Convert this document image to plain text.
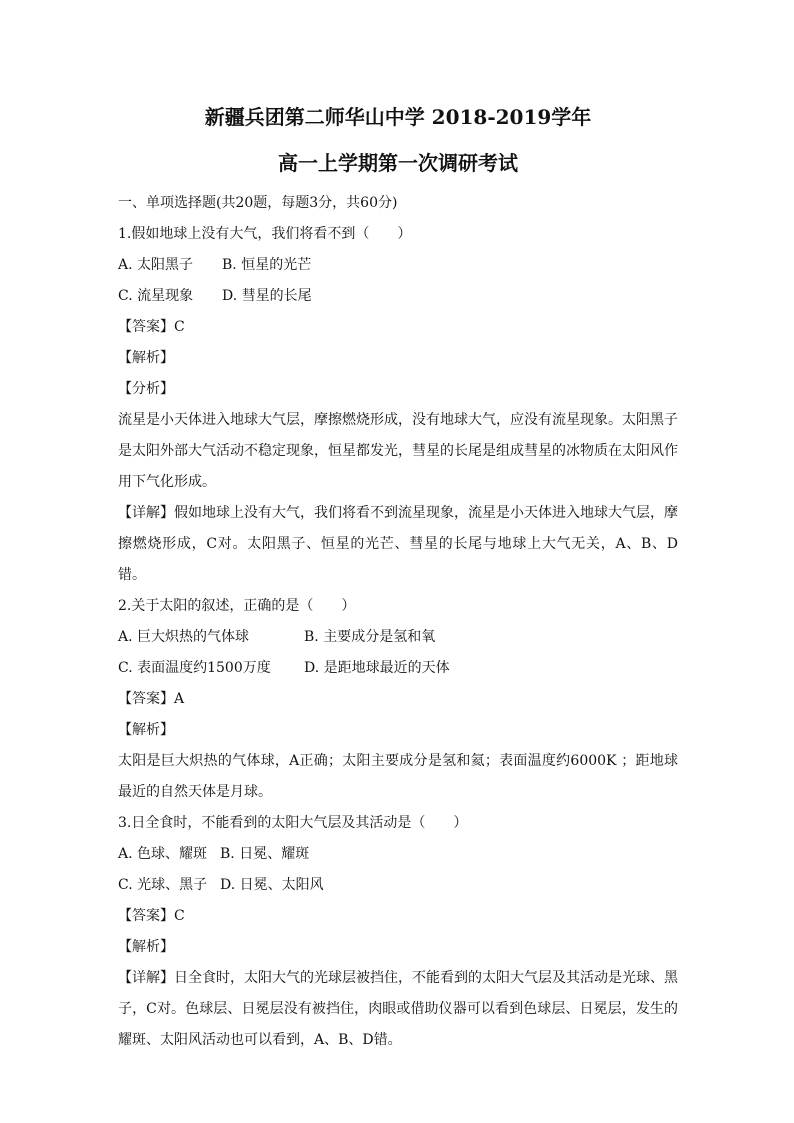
新疆兵团第二师华山中学 2018-2019学年
高一上学期第一次调研考试

一、单项选择题(共20题，每题3分，共60分)

1.假如地球上没有大气，我们将看不到（　　）

A. 太阳黑子	B. 恒星的光芒
C. 流星现象	D. 彗星的长尾

【答案】C

【解析】

【分析】

流星是小天体进入地球大气层，摩擦燃烧形成，没有地球大气，应没有流星现象。太阳黑子是太阳外部大气活动不稳定现象，恒星都发光，彗星的长尾是组成彗星的冰物质在太阳风作用下气化形成。

【详解】假如地球上没有大气，我们将看不到流星现象，流星是小天体进入地球大气层，摩擦燃烧形成，C对。太阳黑子、恒星的光芒、彗星的长尾与地球上大气无关，A、B、D错。

2.关于太阳的叙述，正确的是（　　）

A. 巨大炽热的气体球	B. 主要成分是氢和氧
C. 表面温度约1500万度	D. 是距地球最近的天体

【答案】A

【解析】

太阳是巨大炽热的气体球，A正确；太阳主要成分是氢和氦；表面温度约6000K ；距地球最近的自然天体是月球。

3.日全食时，不能看到的太阳大气层及其活动是（　　）

A. 色球、耀斑 B. 日冕、耀斑
C. 光球、黑子 D. 日冕、太阳风

【答案】C

【解析】

【详解】日全食时，太阳大气的光球层被挡住，不能看到的太阳大气层及其活动是光球、黑子，C对。色球层、日冕层没有被挡住，肉眼或借助仪器可以看到色球层、日冕层，发生的耀斑、太阳风活动也可以看到，A、B、D错。
